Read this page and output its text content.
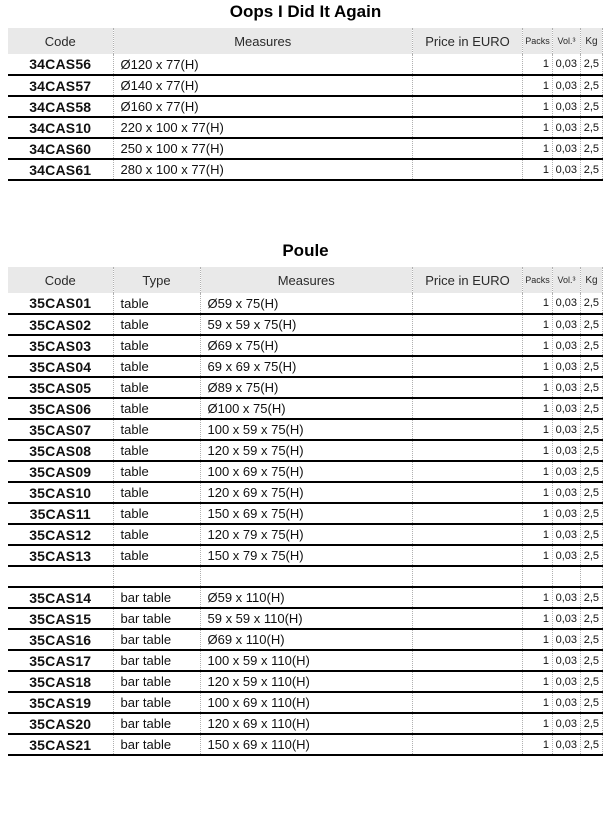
Oops I Did It Again
Code	Measures	Price in EURO	Packs	Vol.³	Kg
34CAS56	Ø120 x 77(H)		1	0,03	2,5
34CAS57	Ø140 x 77(H)		1	0,03	2,5
34CAS58	Ø160 x 77(H)		1	0,03	2,5
34CAS10	220 x 100 x 77(H)		1	0,03	2,5
34CAS60	250 x 100 x 77(H)		1	0,03	2,5
34CAS61	280 x 100 x 77(H)		1	0,03	2,5
Poule
Code	Type	Measures	Price in EURO	Packs	Vol.³	Kg
35CAS01	table	Ø59 x 75(H)		1	0,03	2,5
35CAS02	table	59 x 59 x 75(H)		1	0,03	2,5
35CAS03	table	Ø69 x 75(H)		1	0,03	2,5
35CAS04	table	69 x 69 x 75(H)		1	0,03	2,5
35CAS05	table	Ø89 x 75(H)		1	0,03	2,5
35CAS06	table	Ø100 x 75(H)		1	0,03	2,5
35CAS07	table	100 x 59 x 75(H)		1	0,03	2,5
35CAS08	table	120 x 59 x 75(H)		1	0,03	2,5
35CAS09	table	100 x 69 x 75(H)		1	0,03	2,5
35CAS10	table	120 x 69 x 75(H)		1	0,03	2,5
35CAS11	table	150 x 69 x 75(H)		1	0,03	2,5
35CAS12	table	120 x 79 x 75(H)		1	0,03	2,5
35CAS13	table	150 x 79 x 75(H)		1	0,03	2,5

35CAS14	bar table	Ø59 x 110(H)		1	0,03	2,5
35CAS15	bar table	59 x 59 x 110(H)		1	0,03	2,5
35CAS16	bar table	Ø69 x 110(H)		1	0,03	2,5
35CAS17	bar table	100 x 59 x 110(H)		1	0,03	2,5
35CAS18	bar table	120 x 59 x 110(H)		1	0,03	2,5
35CAS19	bar table	100 x 69 x 110(H)		1	0,03	2,5
35CAS20	bar table	120 x 69 x 110(H)		1	0,03	2,5
35CAS21	bar table	150 x 69 x 110(H)		1	0,03	2,5
